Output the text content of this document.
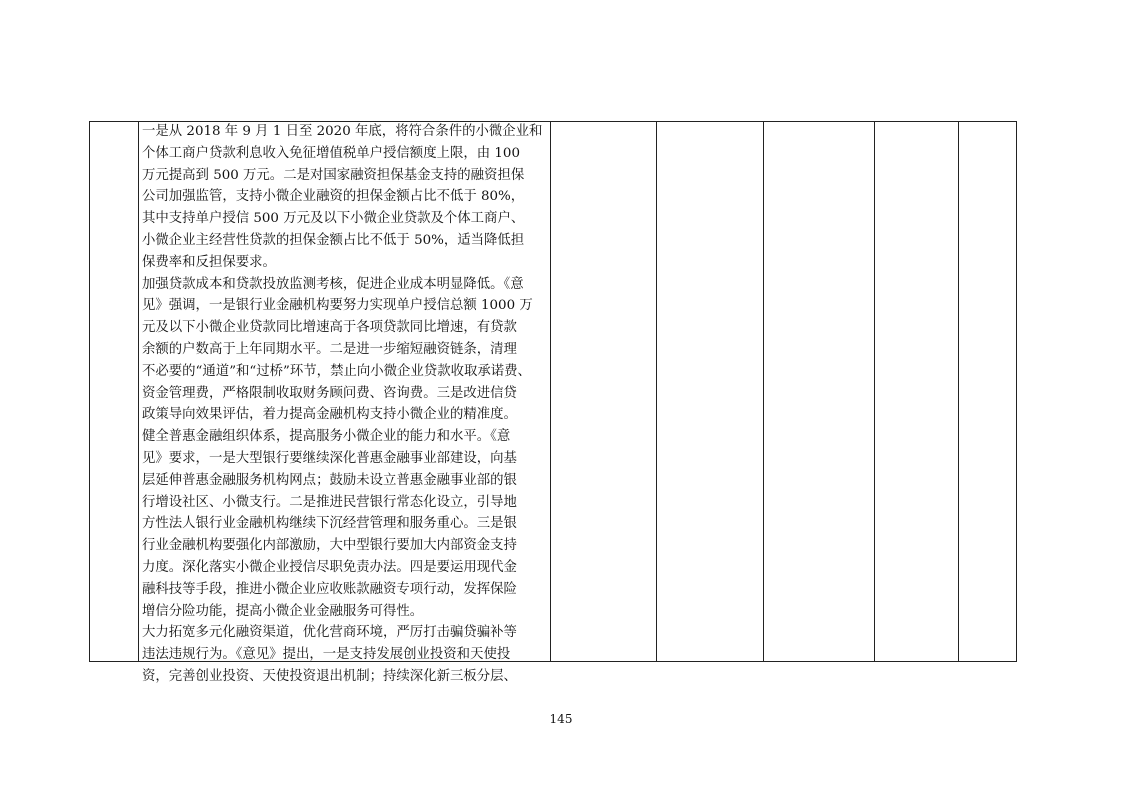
一是从 2018 年 9 月 1 日至 2020 年底，将符合条件的小微企业和
个体工商户贷款利息收入免征增值税单户授信额度上限，由 100
万元提高到 500 万元。二是对国家融资担保基金支持的融资担保
公司加强监管，支持小微企业融资的担保金额占比不低于 80%，
其中支持单户授信 500 万元及以下小微企业贷款及个体工商户、
小微企业主经营性贷款的担保金额占比不低于 50%，适当降低担
保费率和反担保要求。
加强贷款成本和贷款投放监测考核，促进企业成本明显降低。《意
见》强调，一是银行业金融机构要努力实现单户授信总额 1000 万
元及以下小微企业贷款同比增速高于各项贷款同比增速，有贷款
余额的户数高于上年同期水平。二是进一步缩短融资链条，清理
不必要的“通道”和“过桥”环节，禁止向小微企业贷款收取承诺费、
资金管理费，严格限制收取财务顾问费、咨询费。三是改进信贷
政策导向效果评估，着力提高金融机构支持小微企业的精准度。
健全普惠金融组织体系，提高服务小微企业的能力和水平。《意
见》要求，一是大型银行要继续深化普惠金融事业部建设，向基
层延伸普惠金融服务机构网点；鼓励未设立普惠金融事业部的银
行增设社区、小微支行。二是推进民营银行常态化设立，引导地
方性法人银行业金融机构继续下沉经营管理和服务重心。三是银
行业金融机构要强化内部激励，大中型银行要加大内部资金支持
力度。深化落实小微企业授信尽职免责办法。四是要运用现代金
融科技等手段，推进小微企业应收账款融资专项行动，发挥保险
增信分险功能，提高小微企业金融服务可得性。
大力拓宽多元化融资渠道，优化营商环境，严厉打击骗贷骗补等
违法违规行为。《意见》提出，一是支持发展创业投资和天使投
资，完善创业投资、天使投资退出机制；持续深化新三板分层、
145
